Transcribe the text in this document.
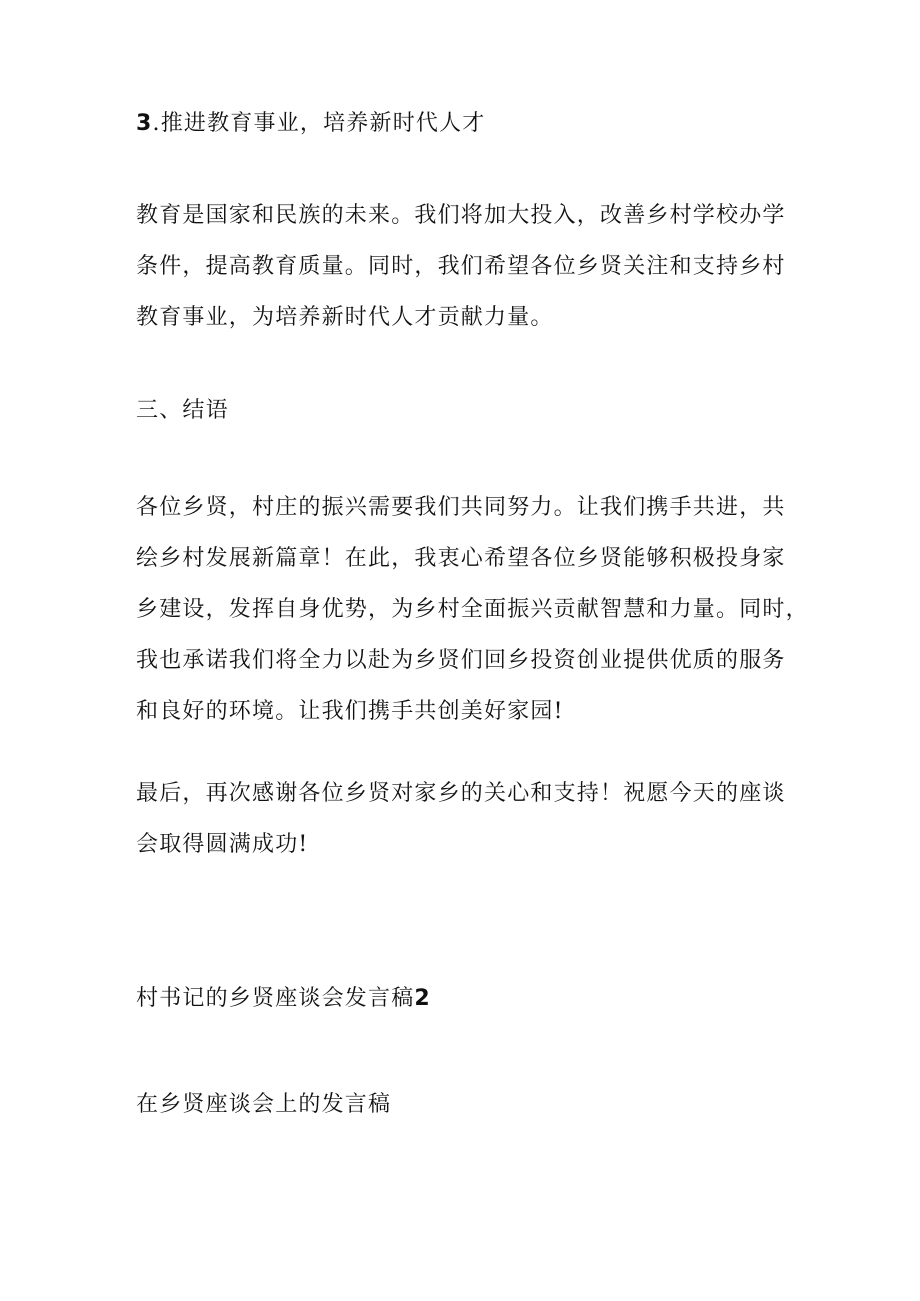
3.推进教育事业，培养新时代人才

教育是国家和民族的未来。我们将加大投入，改善乡村学校办学

条件，提高教育质量。同时，我们希望各位乡贤关注和支持乡村

教育事业，为培养新时代人才贡献力量。

三、结语

各位乡贤，村庄的振兴需要我们共同努力。让我们携手共进，共

绘乡村发展新篇章！在此，我衷心希望各位乡贤能够积极投身家

乡建设，发挥自身优势，为乡村全面振兴贡献智慧和力量。同时，

我也承诺我们将全力以赴为乡贤们回乡投资创业提供优质的服务

和良好的环境。让我们携手共创美好家园!

最后，再次感谢各位乡贤对家乡的关心和支持！祝愿今天的座谈

会取得圆满成功!

村书记的乡贤座谈会发言稿2

在乡贤座谈会上的发言稿
